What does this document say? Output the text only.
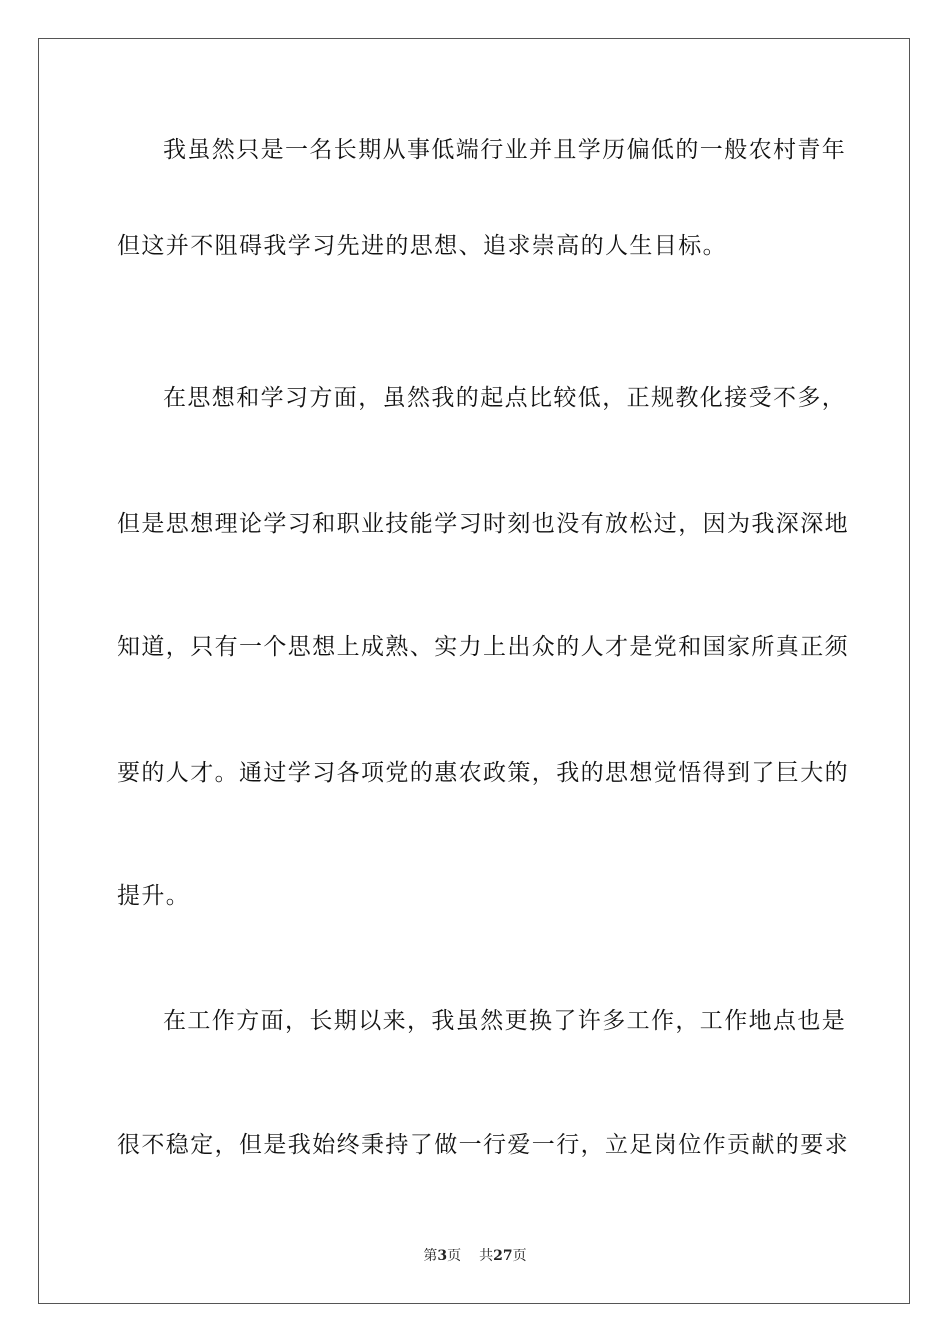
我虽然只是一名长期从事低端行业并且学历偏低的一般农村青年
但这并不阻碍我学习先进的思想、追求崇高的人生目标。
在思想和学习方面，虽然我的起点比较低，正规教化接受不多，
但是思想理论学习和职业技能学习时刻也没有放松过，因为我深深地
知道，只有一个思想上成熟、实力上出众的人才是党和国家所真正须
要的人才。通过学习各项党的惠农政策，我的思想觉悟得到了巨大的
提升。
在工作方面，长期以来，我虽然更换了许多工作，工作地点也是
很不稳定，但是我始终秉持了做一行爱一行，立足岗位作贡献的要求
第3页 共27页
